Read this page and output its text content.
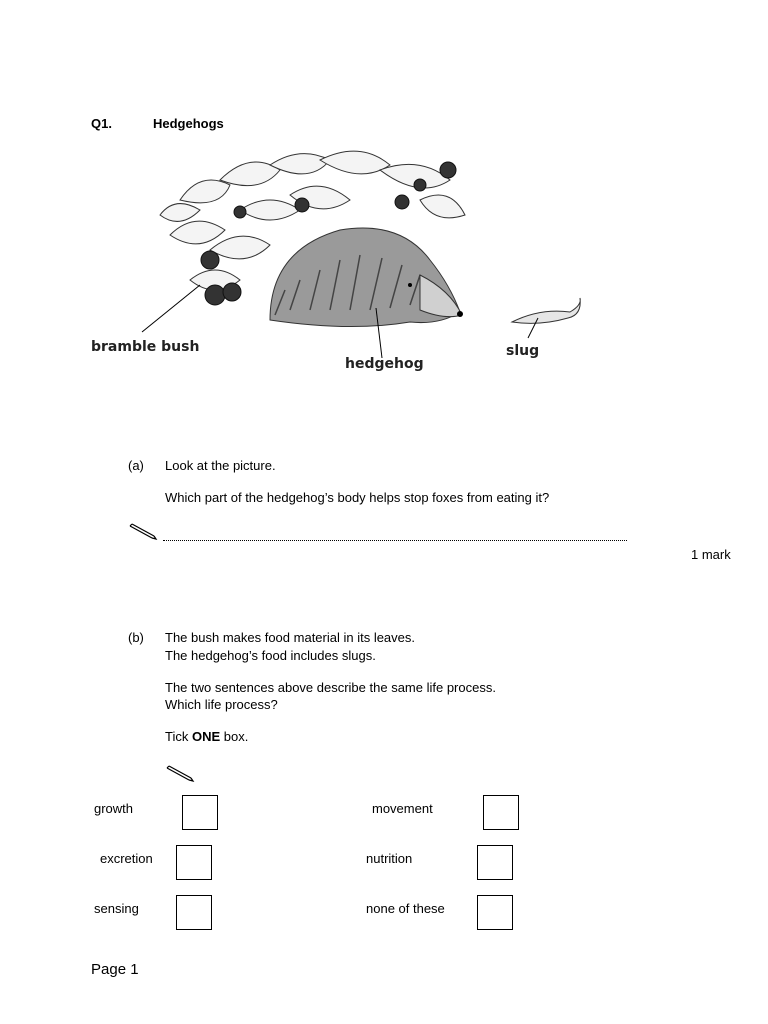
Q1.	Hedgehogs
bramble bush
hedgehog
slug
(a) Look at the picture.
Which part of the hedgehog’s body helps stop foxes from eating it?
1 mark
(b) The bush makes food material in its leaves.
The hedgehog’s food includes slugs.
The two sentences above describe the same life process.
Which life process?
Tick ONE box.
growth	movement
excretion	nutrition
sensing	none of these
Page 1
